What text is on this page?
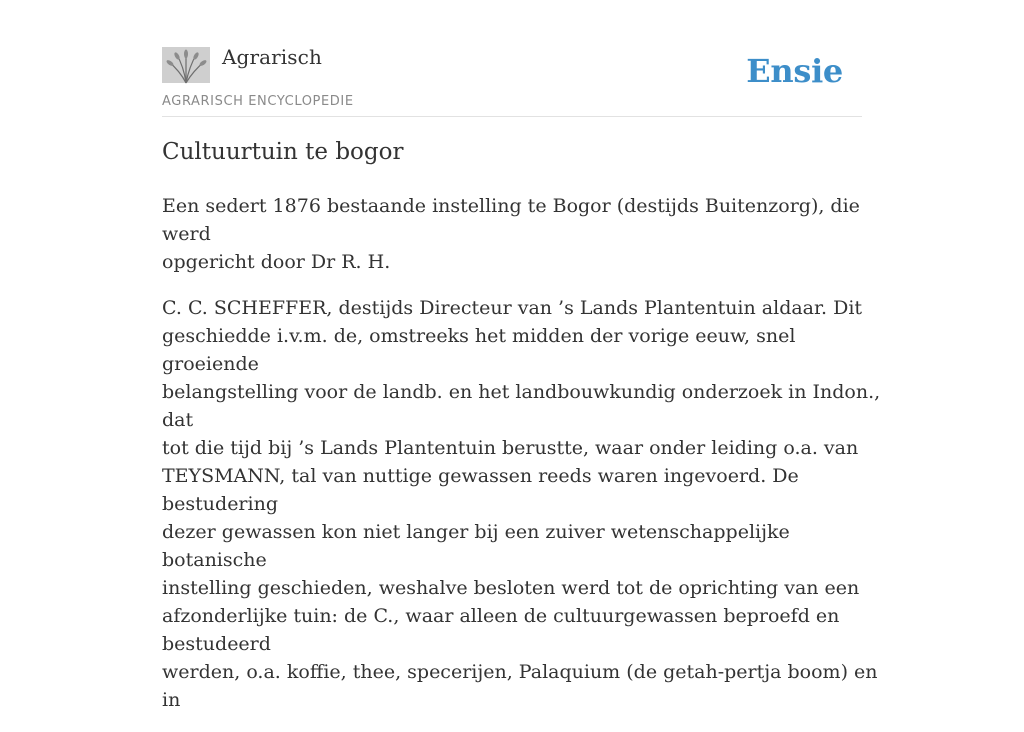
Agrarisch
AGRARISCH ENCYCLOPEDIE
Ensie
Cultuurtuin te bogor

Een sedert 1876 bestaande instelling te Bogor (destijds Buitenzorg), die werd
opgericht door Dr R. H.

C. C. SCHEFFER, destijds Directeur van ’s Lands Plantentuin aldaar. Dit
geschiedde i.v.m. de, omstreeks het midden der vorige eeuw, snel groeiende
belangstelling voor de landb. en het landbouwkundig onderzoek in Indon., dat
tot die tijd bij ’s Lands Plantentuin berustte, waar onder leiding o.a. van
TEYSMANN, tal van nuttige gewassen reeds waren ingevoerd. De bestudering
dezer gewassen kon niet langer bij een zuiver wetenschappelijke botanische
instelling geschieden, weshalve besloten werd tot de oprichting van een
afzonderlijke tuin: de C., waar alleen de cultuurgewassen beproefd en bestudeerd
werden, o.a. koffie, thee, specerijen, Palaquium (de getah-pertja boom) en in
